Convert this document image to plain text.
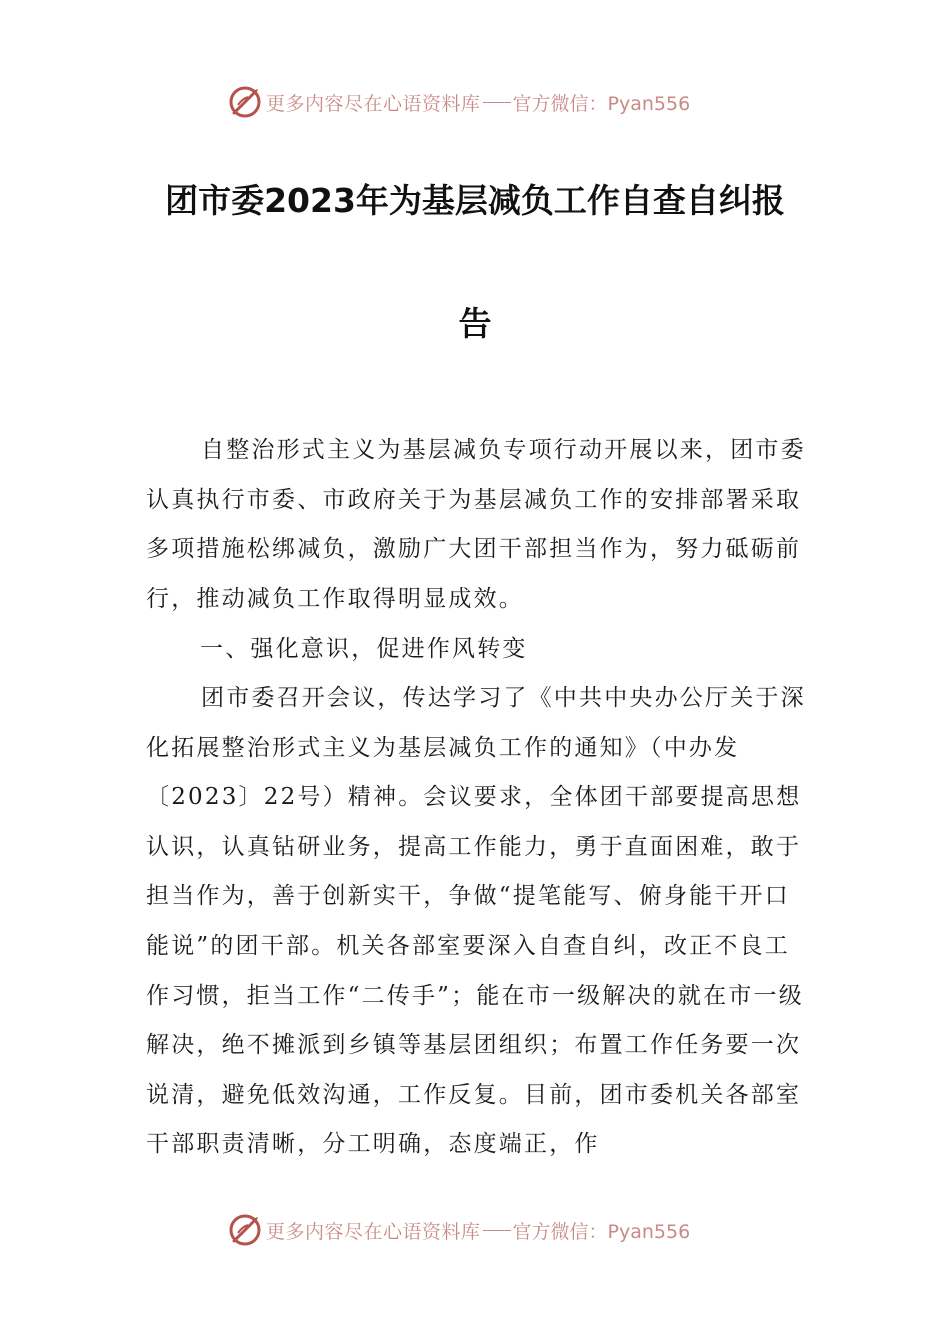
更多内容尽在心语资料库 官方微信：Pyan556
团市委2023年为基层减负工作自查自纠报
告
自整治形式主义为基层减负专项行动开展以来，团市委认真执行市委、市政府关于为基层减负工作的安排部署采取多项措施松绑减负，激励广大团干部担当作为，努力砥砺前行，推动减负工作取得明显成效。
一、强化意识，促进作风转变
团市委召开会议，传达学习了《中共中央办公厅关于深化拓展整治形式主义为基层减负工作的通知》（中办发〔2023〕22号）精神。会议要求，全体团干部要提高思想认识，认真钻研业务，提高工作能力，勇于直面困难，敢于担当作为，善于创新实干，争做“提笔能写、俯身能干开口能说”的团干部。机关各部室要深入自查自纠，改正不良工作习惯，拒当工作“二传手”；能在市一级解决的就在市一级解决，绝不摊派到乡镇等基层团组织；布置工作任务要一次说清，避免低效沟通，工作反复。目前，团市委机关各部室干部职责清晰，分工明确，态度端正，作
更多内容尽在心语资料库 官方微信：Pyan556
